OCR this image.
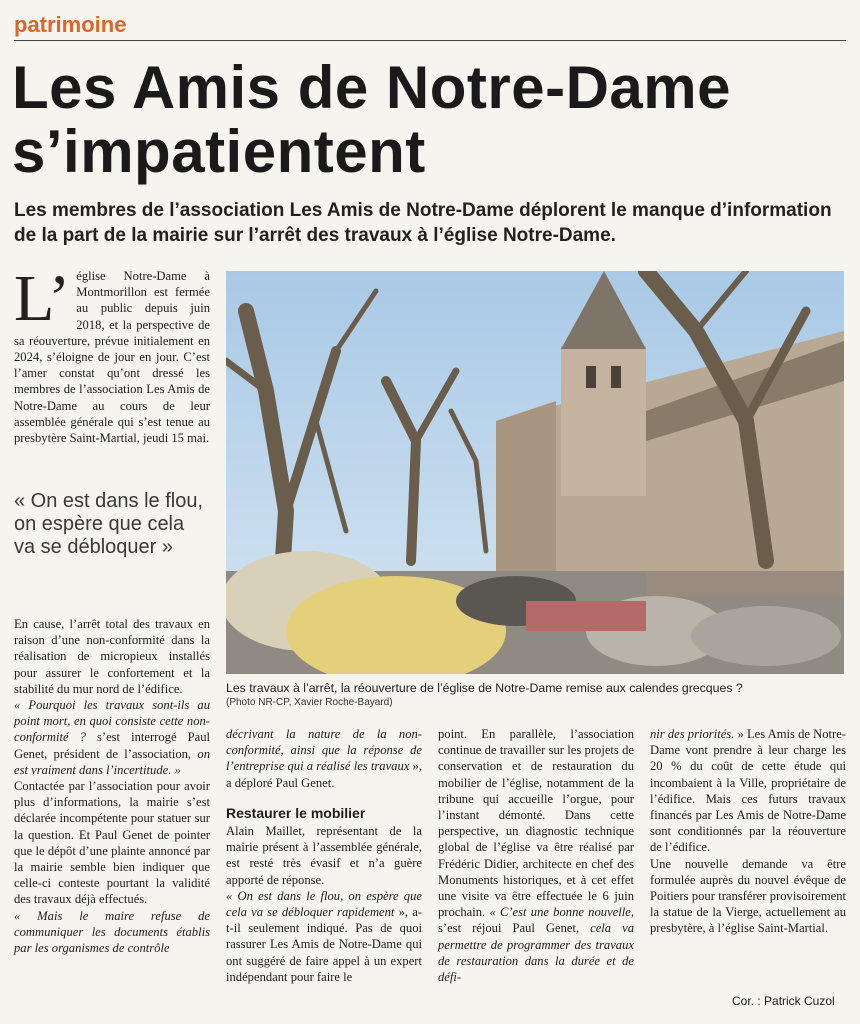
patrimoine
Les Amis de Notre-Dame
s’impatientent
Les membres de l’association Les Amis de Notre-Dame déplorent le manque d’information de la part de la mairie sur l’arrêt des travaux à l’église Notre-Dame.

L’ église Notre-Dame à Montmorillon est fermée au public depuis juin 2018, et la perspective de sa réouverture, prévue initialement en 2024, s’éloigne de jour en jour. C’est l’amer constat qu’ont dressé les membres de l’association Les Amis de Notre-Dame au cours de leur assemblée générale qui s’est tenue au presbytère Saint-Martial, jeudi 15 mai.

« On est dans le flou, on espère que cela va se débloquer »
Les travaux à l’arrêt, la réouverture de l’église de Notre-Dame remise aux calendes grecques ?
(Photo NR-CP, Xavier Roche-Bayard)

En cause, l’arrêt total des travaux en raison d’une non-conformité dans la réalisation de micropieux installés pour assurer le confortement et la stabilité du mur nord de l’édifice.

« Pourquoi les travaux sont-ils au point mort, en quoi consiste cette non-conformité ? s’est interrogé Paul Genet, président de l’association, on est vraiment dans l’incertitude. »

Contactée par l’association pour avoir plus d’informations, la mairie s’est déclarée incompétente pour statuer sur la question. Et Paul Genet de pointer que le dépôt d’une plainte annoncé par la mairie semble bien indiquer que celle-ci conteste pourtant la validité des travaux déjà effectués.

« Mais le maire refuse de communiquer les documents établis par les organismes de contrôle

décrivant la nature de la non-conformité, ainsi que la réponse de l’entreprise qui a réalisé les travaux », a déploré Paul Genet.

Restaurer le mobilier

Alain Maillet, représentant de la mairie présent à l’assemblée générale, est resté très évasif et n’a guère apporté de réponse.

« On est dans le flou, on espère que cela va se débloquer rapidement », a-t-il seulement indiqué. Pas de quoi rassurer Les Amis de Notre-Dame qui ont suggéré de faire appel à un expert indépendant pour faire le

point. En parallèle, l’association continue de travailler sur les projets de conservation et de restauration du mobilier de l’église, notamment de la tribune qui accueille l’orgue, pour l’instant démonté. Dans cette perspective, un diagnostic technique global de l’église va être réalisé par Frédéric Didier, architecte en chef des Monuments historiques, et à cet effet une visite va être effectuée le 6 juin prochain. « C’est une bonne nouvelle, s’est réjoui Paul Genet, cela va permettre de programmer des travaux de restauration dans la durée et de défi-

nir des priorités. » Les Amis de Notre-Dame vont prendre à leur charge les 20 % du coût de cette étude qui incombaient à la Ville, propriétaire de l’édifice. Mais ces futurs travaux financés par Les Amis de Notre-Dame sont conditionnés par la réouverture de l’édifice.

Une nouvelle demande va être formulée auprès du nouvel évêque de Poitiers pour transférer provisoirement la statue de la Vierge, actuellement au presbytère, à l’église Saint-Martial.

Cor. : Patrick Cuzol
